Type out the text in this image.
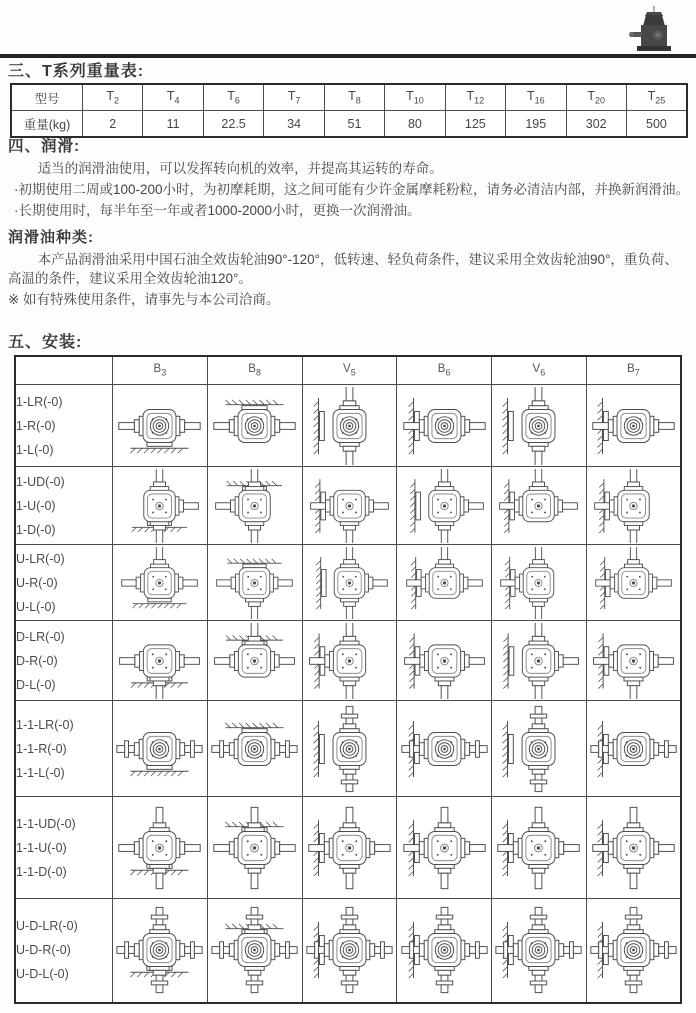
三、T系列重量表:
型号	$T_2$	$T_4$	$T_6$	$T_7$	$T_8$	$T_{10}$	$T_{12}$	$T_{16}$	$T_{20}$	$T_{25}$
重量(kg)	2	11	22.5	34	51	80	125	195	302	500
四、润滑:

适当的润滑油使用，可以发挥转向机的效率，并提高其运转的寿命。

·初期使用二周或100-200小时，为初摩耗期，这之间可能有少许金属摩耗粉粒，请务必清洁内部，并换新润滑油。

·长期使用时，每半年至一年或者1000-2000小时，更换一次润滑油。

润滑油种类:

本产品润滑油采用中国石油全效齿轮油90°-120°，低转速、轻负荷条件，建议采用全效齿轮油90°，重负荷、高温的条件，建议采用全效齿轮油120°。

※ 如有特殊使用条件，请事先与本公司洽商。

五、安装:
	$B_3$	$B_8$	$V_5$	$B_6$	$V_6$	$B_7$

1-LR(-0)
1-R(-0)
1-L(-0)

1-UD(-0)
1-U(-0)
1-D(-0)

U-LR(-0)
U-R(-0)
U-L(-0)

D-LR(-0)
D-R(-0)
D-L(-0)

1-1-LR(-0)
1-1-R(-0)
1-1-L(-0)

1-1-UD(-0)
1-1-U(-0)
1-1-D(-0)

U-D-LR(-0)
U-D-R(-0)
U-D-L(-0)
